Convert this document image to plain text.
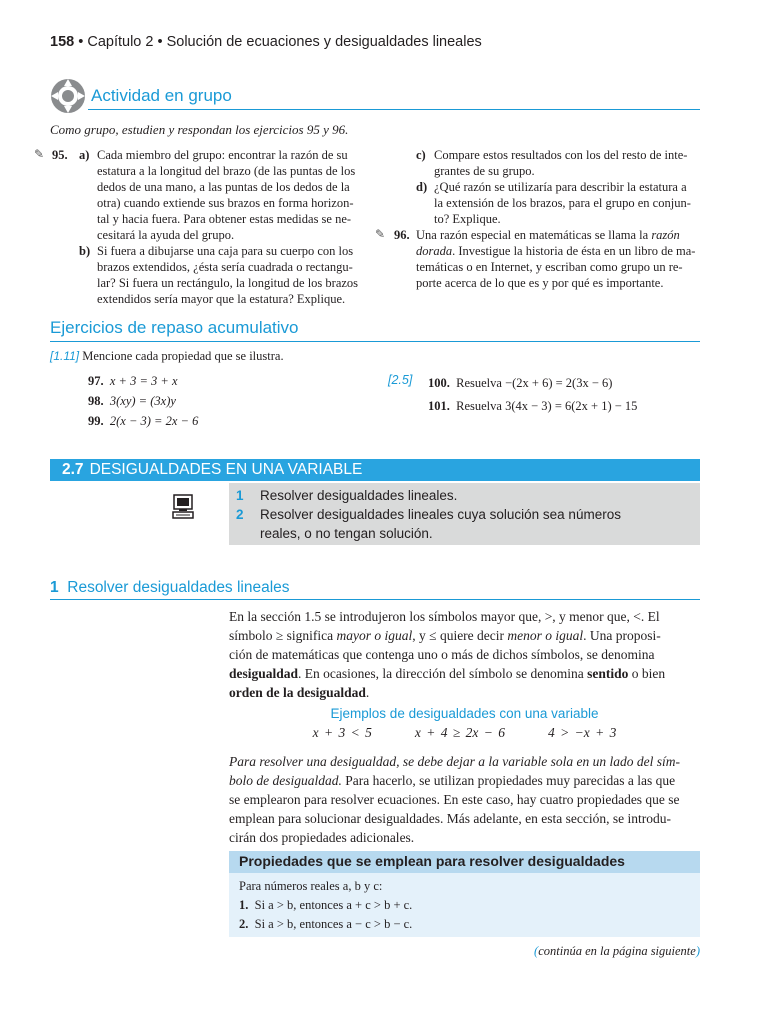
158 • Capítulo 2 • Solución de ecuaciones y desigualdades lineales
Actividad en grupo
Como grupo, estudien y respondan los ejercicios 95 y 96.
✎ 95. a) Cada miembro del grupo: encontrar la razón de su

estatura a la longitud del brazo (de las puntas de los

dedos de una mano, a las puntas de los dedos de la

otra) cuando extiende sus brazos en forma horizon-

tal y hacia fuera. Para obtener estas medidas se ne-

cesitará la ayuda del grupo.

b) Si fuera a dibujarse una caja para su cuerpo con los

brazos extendidos, ¿ésta sería cuadrada o rectangu-

lar? Si fuera un rectángulo, la longitud de los brazos

extendidos sería mayor que la estatura? Explique.

c) Compare estos resultados con los del resto de inte-

grantes de su grupo.

d) ¿Qué razón se utilizaría para describir la estatura a

la extensión de los brazos, para el grupo en conjun-

to? Explique.

✎ 96. Una razón especial en matemáticas se llama la razón

dorada. Investigue la historia de ésta en un libro de ma-

temáticas o en Internet, y escriban como grupo un re-

porte acerca de lo que es y por qué es importante.

Ejercicios de repaso acumulativo
[1.11] Mencione cada propiedad que se ilustra.
97. x + 3 = 3 + x
98. 3(xy) = (3x)y
99. 2(x − 3) = 2x − 6
[2.5] 100. Resuelva −(2x + 6) = 2(3x − 6)
101. Resuelva 3(4x − 3) = 6(2x + 1) − 15
2.7 DESIGUALDADES EN UNA VARIABLE
1 Resolver desigualdades lineales.
2 Resolver desigualdades lineales cuya solución sea números
reales, o no tengan solución.
1 Resolver desigualdades lineales

En la sección 1.5 se introdujeron los símbolos mayor que, >, y menor que, <. El

símbolo ≥ significa mayor o igual, y ≤ quiere decir menor o igual. Una proposi-

ción de matemáticas que contenga uno o más de dichos símbolos, se denomina

desigualdad. En ocasiones, la dirección del símbolo se denomina sentido o bien

orden de la desigualdad.

Ejemplos de desigualdades con una variable
x + 3 < 5	x + 4 ≥ 2x − 6	4 > −x + 3

Para resolver una desigualdad, se debe dejar a la variable sola en un lado del sím-

bolo de desigualdad. Para hacerlo, se utilizan propiedades muy parecidas a las que

se emplearon para resolver ecuaciones. En este caso, hay cuatro propiedades que se

emplean para solucionar desigualdades. Más adelante, en esta sección, se introdu-

cirán dos propiedades adicionales.

Propiedades que se emplean para resolver desigualdades
Para números reales a, b y c:
1. Si a > b, entonces a + c > b + c.
2. Si a > b, entonces a − c > b − c.
(continúa en la página siguiente)
